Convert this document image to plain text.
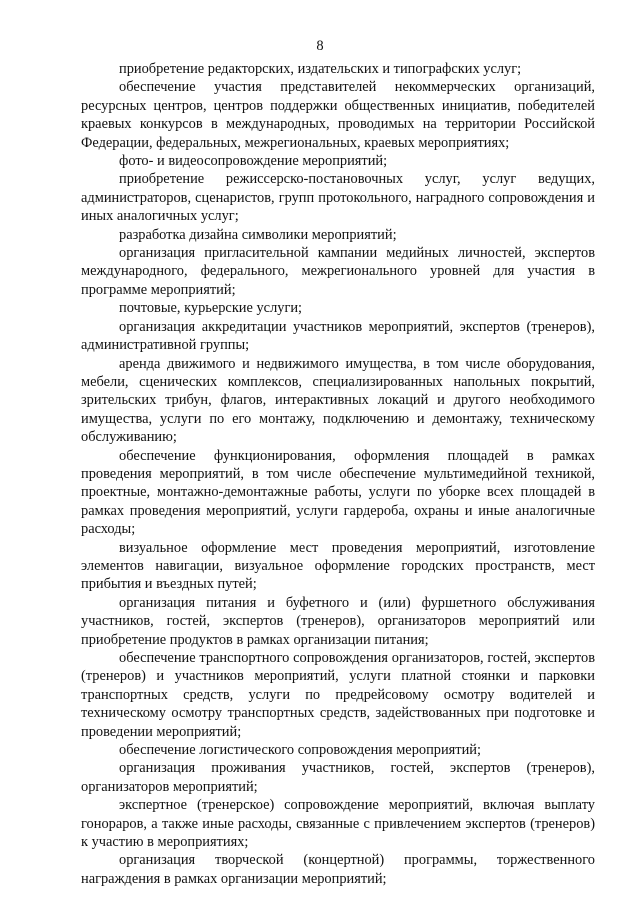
8

приобретение редакторских, издательских и типографских услуг;

обеспечение участия представителей некоммерческих организаций, ресурсных центров, центров поддержки общественных инициатив, победителей краевых конкурсов в международных, проводимых на территории Российской Федерации, федеральных, межрегиональных, краевых мероприятиях;

фото- и видеосопровождение мероприятий;

приобретение режиссерско-постановочных услуг, услуг ведущих, администраторов, сценаристов, групп протокольного, наградного сопровождения и иных аналогичных услуг;

разработка дизайна символики мероприятий;

организация пригласительной кампании медийных личностей, экспертов международного, федерального, межрегионального уровней для участия в программе мероприятий;

почтовые, курьерские услуги;

организация аккредитации участников мероприятий, экспертов (тренеров), административной группы;

аренда движимого и недвижимого имущества, в том числе оборудования, мебели, сценических комплексов, специализированных напольных покрытий, зрительских трибун, флагов, интерактивных локаций и другого необходимого имущества, услуги по его монтажу, подключению и демонтажу, техническому обслуживанию;

обеспечение функционирования, оформления площадей в рамках проведения мероприятий, в том числе обеспечение мультимедийной техникой, проектные, монтажно-демонтажные работы, услуги по уборке всех площадей в рамках проведения мероприятий, услуги гардероба, охраны и иные аналогичные расходы;

визуальное оформление мест проведения мероприятий, изготовление элементов навигации, визуальное оформление городских пространств, мест прибытия и въездных путей;

организация питания и буфетного и (или) фуршетного обслуживания участников, гостей, экспертов (тренеров), организаторов мероприятий или приобретение продуктов в рамках организации питания;

обеспечение транспортного сопровождения организаторов, гостей, экспертов (тренеров) и участников мероприятий, услуги платной стоянки и парковки транспортных средств, услуги по предрейсовому осмотру водителей и техническому осмотру транспортных средств, задействованных при подготовке и проведении мероприятий;

обеспечение логистического сопровождения мероприятий;

организация проживания участников, гостей, экспертов (тренеров), организаторов мероприятий;

экспертное (тренерское) сопровождение мероприятий, включая выплату гонораров, а также иные расходы, связанные с привлечением экспертов (тренеров) к участию в мероприятиях;

организация творческой (концертной) программы, торжественного награждения в рамках организации мероприятий;
